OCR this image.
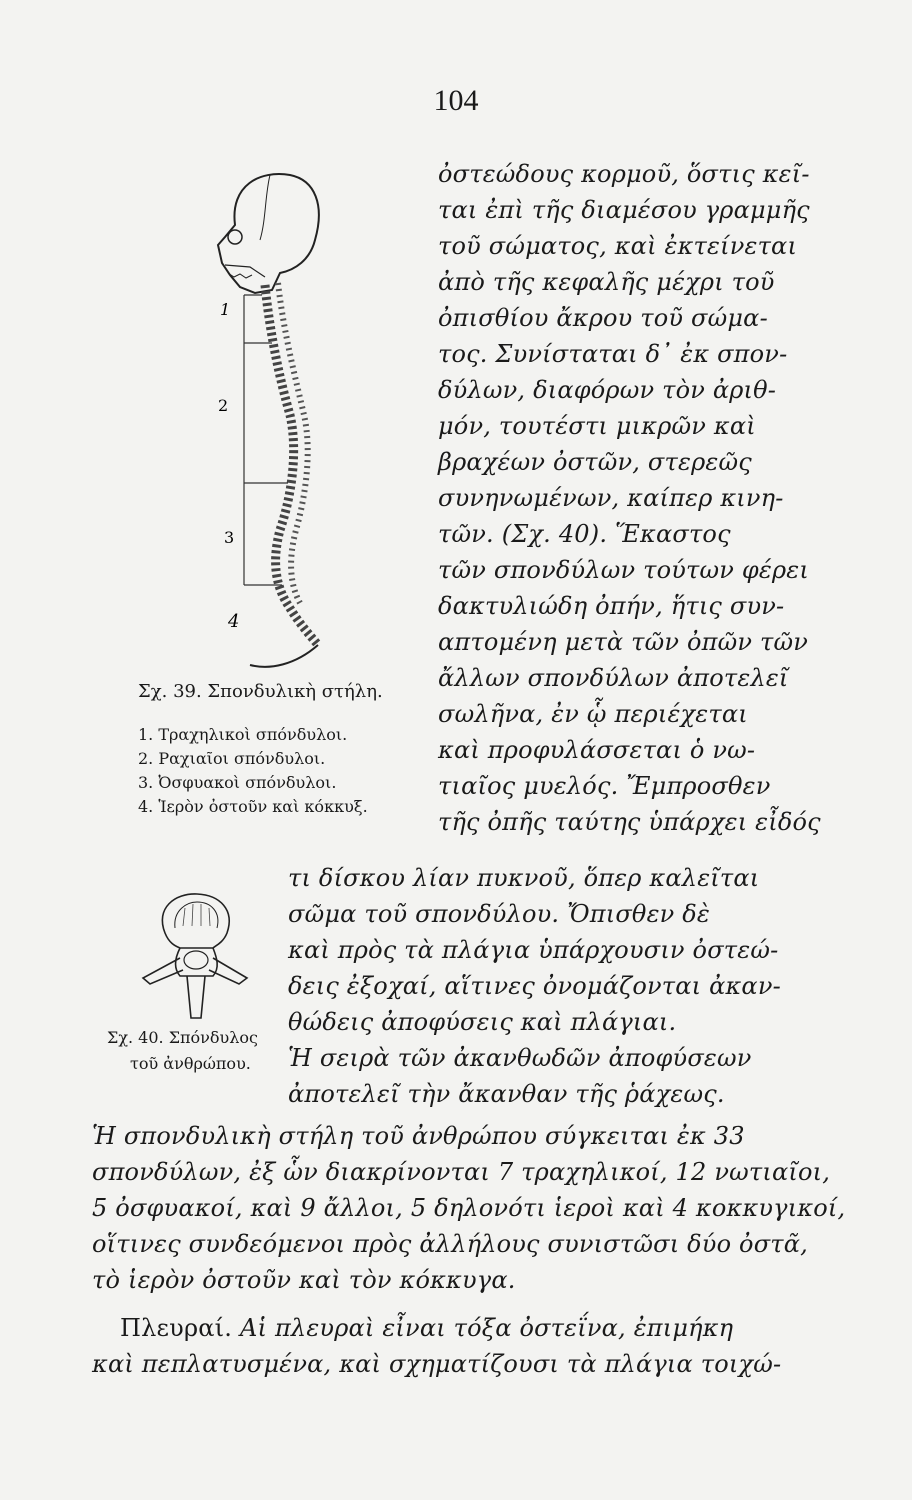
104
1
2
3
4
Σχ. 39. Σπονδυλικὴ στήλη.
1. Τραχηλικοὶ σπόνδυλοι.
2. Ραχιαῖοι σπόνδυλοι.
3. Ὀσφυακοὶ σπόνδυλοι.
4. Ἱερὸν ὀστοῦν καὶ κόκκυξ.
Σχ. 40. Σπόνδυλος
τοῦ ἀνθρώπου.
ὀστεώδους κορμοῦ, ὅστις κεῖ-
ται ἐπὶ τῆς διαμέσου γραμμῆς
τοῦ σώματος, καὶ ἐκτείνεται
ἀπὸ τῆς κεφαλῆς μέχρι τοῦ
ὀπισθίου ἄκρου τοῦ σώμα-
τος. Συνίσταται δ᾽ ἐκ σπον-
δύλων, διαφόρων τὸν ἀριθ-
μόν, τουτέστι μικρῶν καὶ
βραχέων ὀστῶν, στερεῶς
συνηνωμένων, καίπερ κινη-
τῶν. (Σχ. 40). Ἕκαστος
τῶν σπονδύλων τούτων φέρει
δακτυλιώδη ὀπήν, ἥτις συν-
απτομένη μετὰ τῶν ὀπῶν τῶν
ἄλλων σπονδύλων ἀποτελεῖ
σωλῆνα, ἐν ᾧ περιέχεται
καὶ προφυλάσσεται ὁ νω-
τιαῖος μυελός. Ἔμπροσθεν
τῆς ὀπῆς ταύτης ὑπάρχει εἶδός
τι δίσκου λίαν πυκνοῦ, ὅπερ καλεῖται
σῶμα τοῦ σπονδύλου. Ὄπισθεν δὲ
καὶ πρὸς τὰ πλάγια ὑπάρχουσιν ὀστεώ-
δεις ἐξοχαί, αἵτινες ὀνομάζονται ἀκαν-
θώδεις ἀποφύσεις καὶ πλάγιαι.
Ἡ σειρὰ τῶν ἀκανθωδῶν ἀποφύσεων
ἀποτελεῖ τὴν ἄκανθαν τῆς ῥάχεως.
Ἡ σπονδυλικὴ στήλη τοῦ ἀνθρώπου σύγκειται ἐκ 33
σπονδύλων, ἐξ ὧν διακρίνονται 7 τραχηλικοί, 12 νωτιαῖοι,
5 ὀσφυακοί, καὶ 9 ἄλλοι, 5 δηλονότι ἱεροὶ καὶ 4 κοκκυγικοί,
οἵτινες συνδεόμενοι πρὸς ἀλλήλους συνιστῶσι δύο ὀστᾶ,
τὸ ἱερὸν ὀστοῦν καὶ τὸν κόκκυγα.
Πλευραί. Αἱ πλευραὶ εἶναι τόξα ὀστεΐνα, ἐπιμήκη
καὶ πεπλατυσμένα, καὶ σχηματίζουσι τὰ πλάγια τοιχώ-
